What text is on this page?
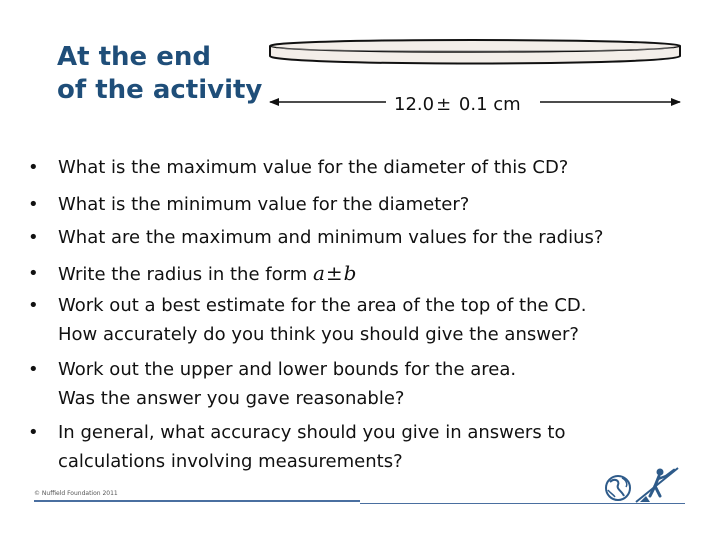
At the end
of the activity	12.0 ± 0.1 cm
•	What is the maximum value for the diameter of this CD?
•	What is the minimum value for the diameter?
•	What are the maximum and minimum values for the radius?
•	Write the radius in the form a±b
•	Work out a best estimate for the area of the top of the CD.
How accurately do you think you should give the answer?
•	Work out the upper and lower bounds for the area.
Was the answer you gave reasonable?
•	In general, what accuracy should you give in answers to
calculations involving measurements?
© Nuffield Foundation 2011
